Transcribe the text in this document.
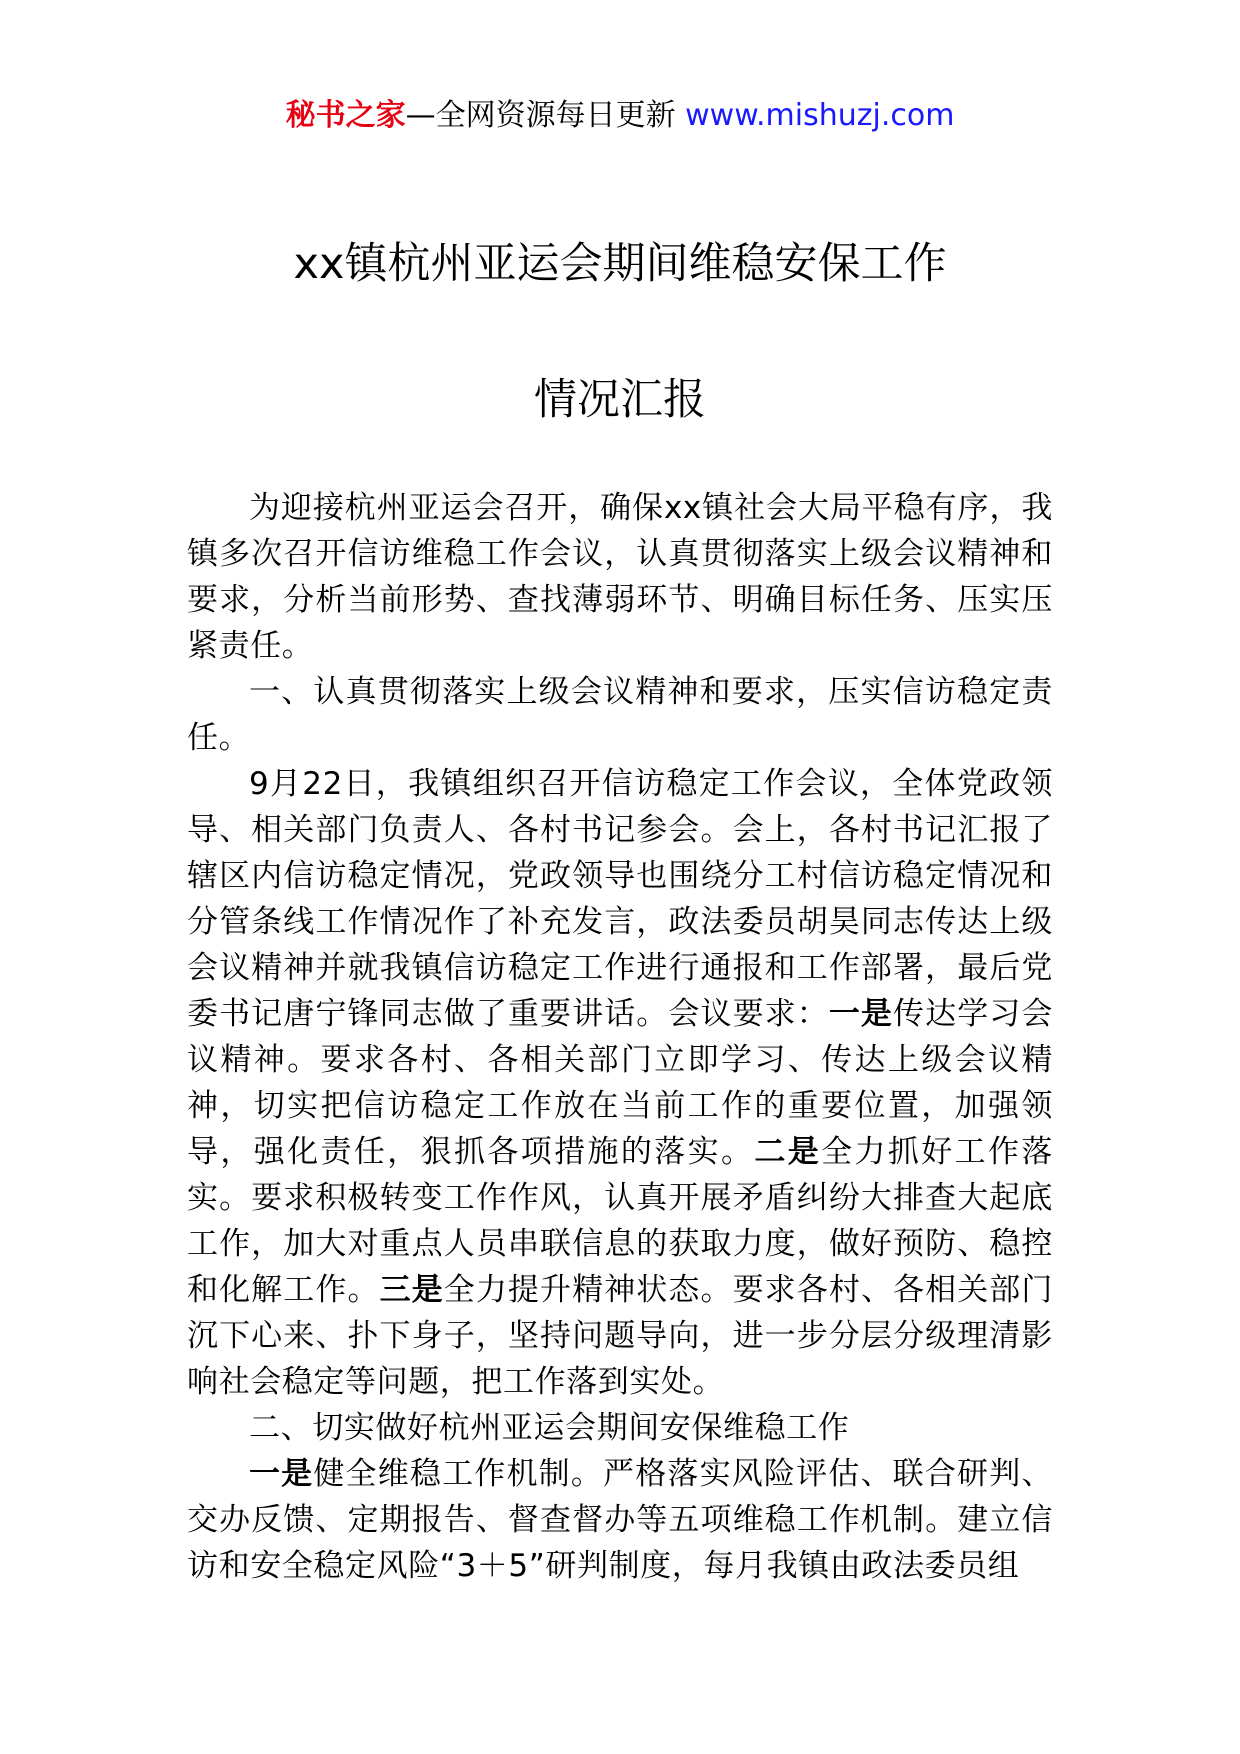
秘书之家—全网资源每日更新 www.mishuzj.com
xx镇杭州亚运会期间维稳安保工作
情况汇报

为迎接杭州亚运会召开，确保xx镇社会大局平稳有序，我镇多次召开信访维稳工作会议，认真贯彻落实上级会议精神和要求，分析当前形势、查找薄弱环节、明确目标任务、压实压紧责任。

一、认真贯彻落实上级会议精神和要求，压实信访稳定责任。

9月22日，我镇组织召开信访稳定工作会议，全体党政领导、相关部门负责人、各村书记参会。会上，各村书记汇报了辖区内信访稳定情况，党政领导也围绕分工村信访稳定情况和分管条线工作情况作了补充发言，政法委员胡昊同志传达上级会议精神并就我镇信访稳定工作进行通报和工作部署，最后党委书记唐宁锋同志做了重要讲话。会议要求：一是传达学习会议精神。要求各村、各相关部门立即学习、传达上级会议精神，切实把信访稳定工作放在当前工作的重要位置，加强领导，强化责任，狠抓各项措施的落实。二是全力抓好工作落实。要求积极转变工作作风，认真开展矛盾纠纷大排查大起底工作，加大对重点人员串联信息的获取力度，做好预防、稳控和化解工作。三是全力提升精神状态。要求各村、各相关部门沉下心来、扑下身子，坚持问题导向，进一步分层分级理清影响社会稳定等问题，把工作落到实处。

二、切实做好杭州亚运会期间安保维稳工作

一是健全维稳工作机制。严格落实风险评估、联合研判、交办反馈、定期报告、督查督办等五项维稳工作机制。建立信访和安全稳定风险“3＋5”研判制度，每月我镇由政法委员组
